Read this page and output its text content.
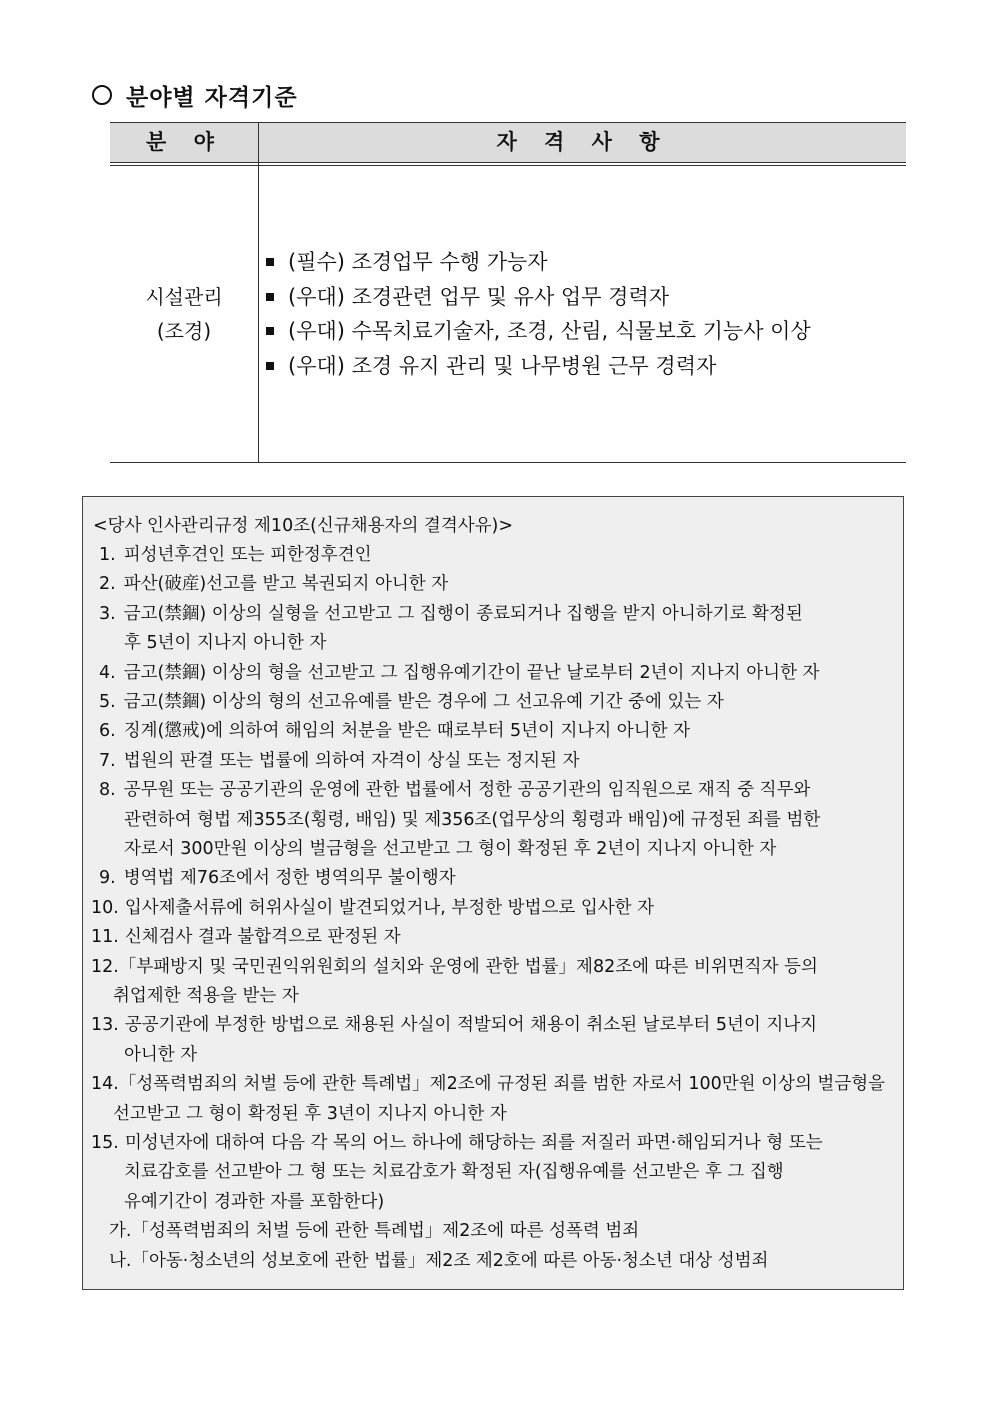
분야별 자격기준
분 야	자 격 사 항
시설관리
(조경)
(필수) 조경업무 수행 가능자
(우대) 조경관련 업무 및 유사 업무 경력자
(우대) 수목치료기술자, 조경, 산림, 식물보호 기능사 이상
(우대) 조경 유지 관리 및 나무병원 근무 경력자
<당사 인사관리규정 제10조(신규채용자의 결격사유)>
1. 피성년후견인 또는 피한정후견인
2. 파산(破産)선고를 받고 복권되지 아니한 자
3. 금고(禁錮) 이상의 실형을 선고받고 그 집행이 종료되거나 집행을 받지 아니하기로 확정된
후 5년이 지나지 아니한 자
4. 금고(禁錮) 이상의 형을 선고받고 그 집행유예기간이 끝난 날로부터 2년이 지나지 아니한 자
5. 금고(禁錮) 이상의 형의 선고유예를 받은 경우에 그 선고유예 기간 중에 있는 자
6. 징계(懲戒)에 의하여 해임의 처분을 받은 때로부터 5년이 지나지 아니한 자
7. 법원의 판결 또는 법률에 의하여 자격이 상실 또는 정지된 자
8. 공무원 또는 공공기관의 운영에 관한 법률에서 정한 공공기관의 임직원으로 재직 중 직무와
관련하여 형법 제355조(횡령, 배임) 및 제356조(업무상의 횡령과 배임)에 규정된 죄를 범한
자로서 300만원 이상의 벌금형을 선고받고 그 형이 확정된 후 2년이 지나지 아니한 자
9. 병역법 제76조에서 정한 병역의무 불이행자
10. 입사제출서류에 허위사실이 발견되었거나, 부정한 방법으로 입사한 자
11. 신체검사 결과 불합격으로 판정된 자
12.「부패방지 및 국민권익위원회의 설치와 운영에 관한 법률」제82조에 따른 비위면직자 등의
취업제한 적용을 받는 자
13. 공공기관에 부정한 방법으로 채용된 사실이 적발되어 채용이 취소된 날로부터 5년이 지나지
아니한 자
14.「성폭력범죄의 처벌 등에 관한 특례법」제2조에 규정된 죄를 범한 자로서 100만원 이상의 벌금형을
선고받고 그 형이 확정된 후 3년이 지나지 아니한 자
15. 미성년자에 대하여 다음 각 목의 어느 하나에 해당하는 죄를 저질러 파면·해임되거나 형 또는
치료감호를 선고받아 그 형 또는 치료감호가 확정된 자(집행유예를 선고받은 후 그 집행
유예기간이 경과한 자를 포함한다)
가.「성폭력범죄의 처벌 등에 관한 특례법」제2조에 따른 성폭력 범죄
나.「아동·청소년의 성보호에 관한 법률」제2조 제2호에 따른 아동·청소년 대상 성범죄
